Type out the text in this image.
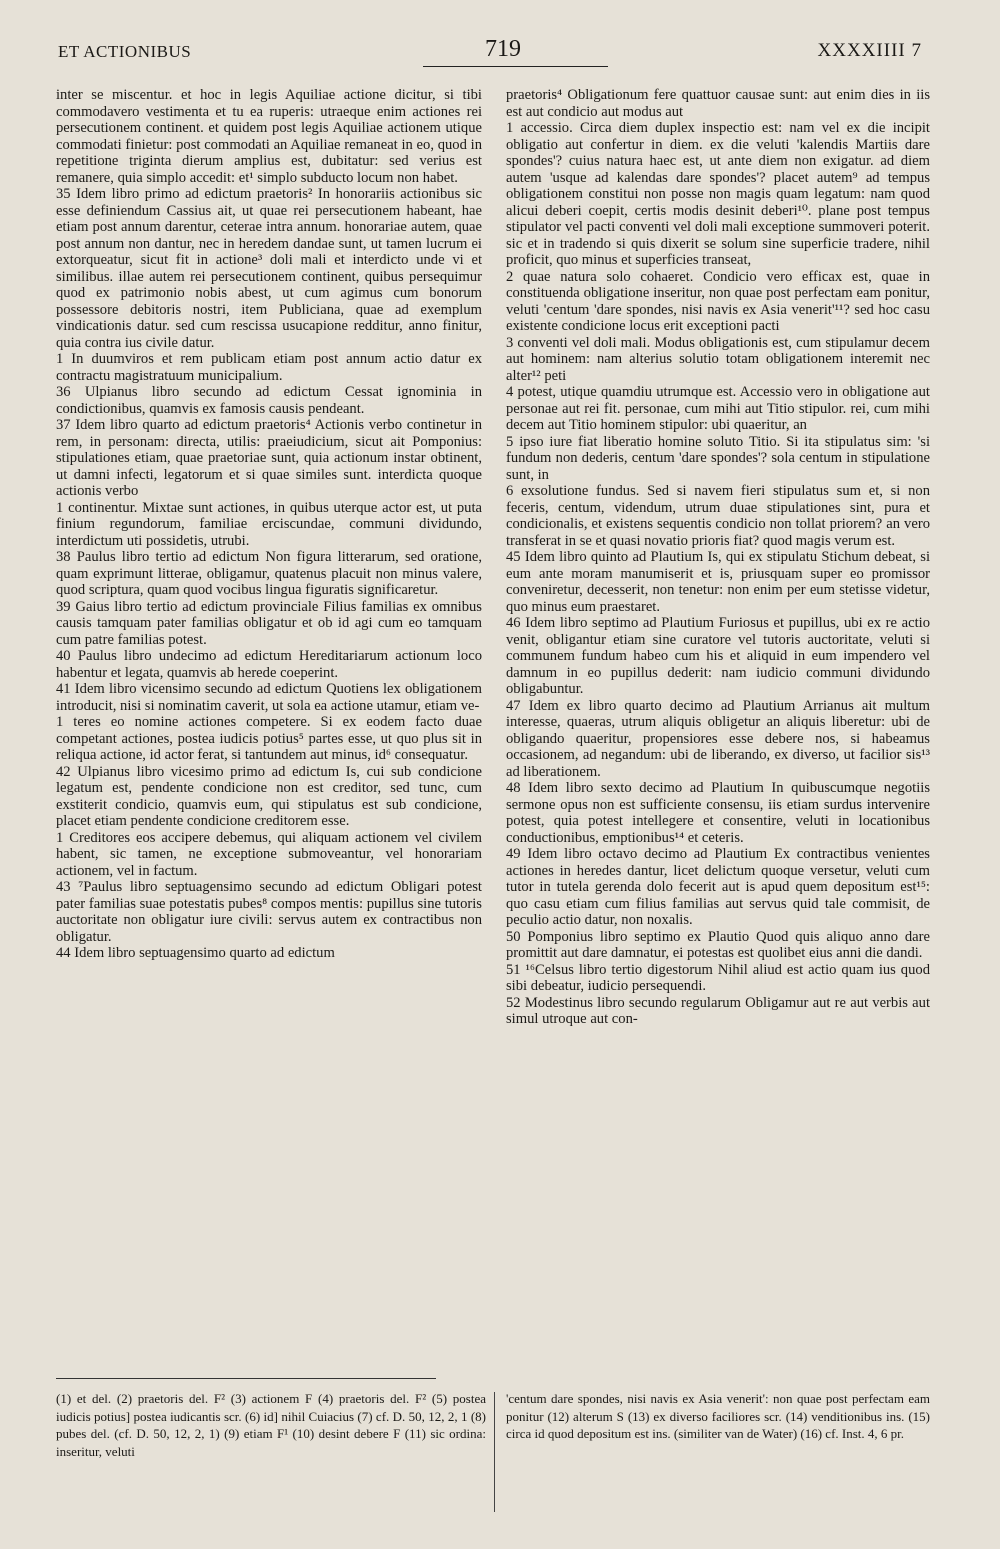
ET ACTIONIBUS	719	XXXXIIII 7

inter se miscentur. et hoc in legis Aquiliae actione dicitur, si tibi commodavero vestimenta et tu ea ruperis: utraeque enim actiones rei persecutionem continent. et quidem post legis Aquiliae actionem utique commodati finietur: post commodati an Aquiliae remaneat in eo, quod in repetitione triginta dierum amplius est, dubitatur: sed verius est remanere, quia simplo accedit: et¹ simplo subducto locum non habet.

35 Idem libro primo ad edictum praetoris² In honorariis actionibus sic esse definiendum Cassius ait, ut quae rei persecutionem habeant, hae etiam post annum darentur, ceterae intra annum. honorariae autem, quae post annum non dantur, nec in heredem dandae sunt, ut tamen lucrum ei extorqueatur, sicut fit in actione³ doli mali et interdicto unde vi et similibus. illae autem rei persecutionem continent, quibus persequimur quod ex patrimonio nobis abest, ut cum agimus cum bonorum possessore debitoris nostri, item Publiciana, quae ad exemplum vindicationis datur. sed cum rescissa usucapione redditur, anno finitur, quia contra ius civile datur.

1 In duumviros et rem publicam etiam post annum actio datur ex contractu magistratuum municipalium.

36 Ulpianus libro secundo ad edictum Cessat ignominia in condictionibus, quamvis ex famosis causis pendeant.

37 Idem libro quarto ad edictum praetoris⁴ Actionis verbo continetur in rem, in personam: directa, utilis: praeiudicium, sicut ait Pomponius: stipulationes etiam, quae praetoriae sunt, quia actionum instar obtinent, ut damni infecti, legatorum et si quae similes sunt. interdicta quoque actionis verbo

1 continentur. Mixtae sunt actiones, in quibus uterque actor est, ut puta finium regundorum, familiae erciscundae, communi dividundo, interdictum uti possidetis, utrubi.

38 Paulus libro tertio ad edictum Non figura litterarum, sed oratione, quam exprimunt litterae, obligamur, quatenus placuit non minus valere, quod scriptura, quam quod vocibus lingua figuratis significaretur.

39 Gaius libro tertio ad edictum provinciale Filius familias ex omnibus causis tamquam pater familias obligatur et ob id agi cum eo tamquam cum patre familias potest.

40 Paulus libro undecimo ad edictum Hereditariarum actionum loco habentur et legata, quamvis ab herede coeperint.

41 Idem libro vicensimo secundo ad edictum Quotiens lex obligationem introducit, nisi si nominatim caverit, ut sola ea actione utamur, etiam ve-

1 teres eo nomine actiones competere. Si ex eodem facto duae competant actiones, postea iudicis potius⁵ partes esse, ut quo plus sit in reliqua actione, id actor ferat, si tantundem aut minus, id⁶ consequatur.

42 Ulpianus libro vicesimo primo ad edictum Is, cui sub condicione legatum est, pendente condicione non est creditor, sed tunc, cum exstiterit condicio, quamvis eum, qui stipulatus est sub condicione, placet etiam pendente condicione creditorem esse.

1 Creditores eos accipere debemus, qui aliquam actionem vel civilem habent, sic tamen, ne exceptione submoveantur, vel honorariam actionem, vel in factum.

43 ⁷Paulus libro septuagensimo secundo ad edictum Obligari potest pater familias suae potestatis pubes⁸ compos mentis: pupillus sine tutoris auctoritate non obligatur iure civili: servus autem ex contractibus non obligatur.

44 Idem libro septuagensimo quarto ad edictum

praetoris⁴ Obligationum fere quattuor causae sunt: aut enim dies in iis est aut condicio aut modus aut

1 accessio. Circa diem duplex inspectio est: nam vel ex die incipit obligatio aut confertur in diem. ex die veluti 'kalendis Martiis dare spondes'? cuius natura haec est, ut ante diem non exigatur. ad diem autem 'usque ad kalendas dare spondes'? placet autem⁹ ad tempus obligationem constitui non posse non magis quam legatum: nam quod alicui deberi coepit, certis modis desinit deberi¹⁰. plane post tempus stipulator vel pacti conventi vel doli mali exceptione summoveri poterit. sic et in tradendo si quis dixerit se solum sine superficie tradere, nihil proficit, quo minus et superficies transeat,

2 quae natura solo cohaeret. Condicio vero efficax est, quae in constituenda obligatione inseritur, non quae post perfectam eam ponitur, veluti 'centum 'dare spondes, nisi navis ex Asia venerit'¹¹? sed hoc casu existente condicione locus erit exceptioni pacti

3 conventi vel doli mali. Modus obligationis est, cum stipulamur decem aut hominem: nam alterius solutio totam obligationem interemit nec alter¹² peti

4 potest, utique quamdiu utrumque est. Accessio vero in obligatione aut personae aut rei fit. personae, cum mihi aut Titio stipulor. rei, cum mihi decem aut Titio hominem stipulor: ubi quaeritur, an

5 ipso iure fiat liberatio homine soluto Titio. Si ita stipulatus sim: 'si fundum non dederis, centum 'dare spondes'? sola centum in stipulatione sunt, in

6 exsolutione fundus. Sed si navem fieri stipulatus sum et, si non feceris, centum, videndum, utrum duae stipulationes sint, pura et condicionalis, et existens sequentis condicio non tollat priorem? an vero transferat in se et quasi novatio prioris fiat? quod magis verum est.

45 Idem libro quinto ad Plautium Is, qui ex stipulatu Stichum debeat, si eum ante moram manumiserit et is, priusquam super eo promissor conveniretur, decesserit, non tenetur: non enim per eum stetisse videtur, quo minus eum praestaret.

46 Idem libro septimo ad Plautium Furiosus et pupillus, ubi ex re actio venit, obligantur etiam sine curatore vel tutoris auctoritate, veluti si communem fundum habeo cum his et aliquid in eum impendero vel damnum in eo pupillus dederit: nam iudicio communi dividundo obligabuntur.

47 Idem ex libro quarto decimo ad Plautium Arrianus ait multum interesse, quaeras, utrum aliquis obligetur an aliquis liberetur: ubi de obligando quaeritur, propensiores esse debere nos, si habeamus occasionem, ad negandum: ubi de liberando, ex diverso, ut facilior sis¹³ ad liberationem.

48 Idem libro sexto decimo ad Plautium In quibuscumque negotiis sermone opus non est sufficiente consensu, iis etiam surdus intervenire potest, quia potest intellegere et consentire, veluti in locationibus conductionibus, emptionibus¹⁴ et ceteris.

49 Idem libro octavo decimo ad Plautium Ex contractibus venientes actiones in heredes dantur, licet delictum quoque versetur, veluti cum tutor in tutela gerenda dolo fecerit aut is apud quem depositum est¹⁵: quo casu etiam cum filius familias aut servus quid tale commisit, de peculio actio datur, non noxalis.

50 Pomponius libro septimo ex Plautio Quod quis aliquo anno dare promittit aut dare damnatur, ei potestas est quolibet eius anni die dandi.

51 ¹⁶Celsus libro tertio digestorum Nihil aliud est actio quam ius quod sibi debeatur, iudicio persequendi.

52 Modestinus libro secundo regularum Obligamur aut re aut verbis aut simul utroque aut con-

(1) et del. (2) praetoris del. F² (3) actionem F (4) praetoris del. F² (5) postea iudicis potius] postea iudicantis scr. (6) id] nihil Cuiacius (7) cf. D. 50, 12, 2, 1 (8) pubes del. (cf. D. 50, 12, 2, 1) (9) etiam F¹ (10) desint debere F (11) sic ordina: inseritur, veluti

'centum dare spondes, nisi navis ex Asia venerit': non quae post perfectam eam ponitur (12) alterum S (13) ex diverso faciliores scr. (14) venditionibus ins. (15) circa id quod depositum est ins. (similiter van de Water) (16) cf. Inst. 4, 6 pr.
